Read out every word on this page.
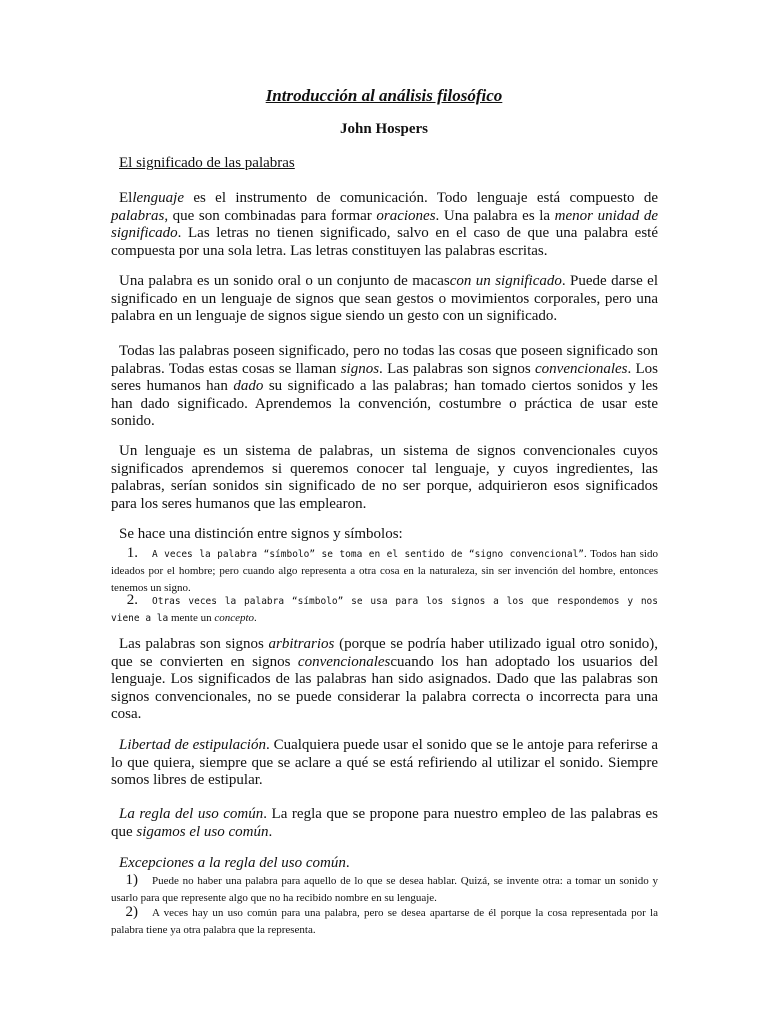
Introducción al análisis filosófico
John Hospers
El significado de las palabras

Ellenguaje es el instrumento de comunicación. Todo lenguaje está compuesto de palabras, que son combinadas para formar oraciones. Una palabra es la menor unidad de significado. Las letras no tienen significado, salvo en el caso de que una palabra esté compuesta por una sola letra. Las letras constituyen las palabras escritas.

Una palabra es un sonido oral o un conjunto de macascon un significado. Puede darse el significado en un lenguaje de signos que sean gestos o movimientos corporales, pero una palabra en un lenguaje de signos sigue siendo un gesto con un significado.

Todas las palabras poseen significado, pero no todas las cosas que poseen significado son palabras. Todas estas cosas se llaman signos. Las palabras son signos convencionales. Los seres humanos han dado su significado a las palabras; han tomado ciertos sonidos y les han dado significado. Aprendemos la convención, costumbre o práctica de usar este sonido.

Un lenguaje es un sistema de palabras, un sistema de signos convencionales cuyos significados aprendemos si queremos conocer tal lenguaje, y cuyos ingredientes, las palabras, serían sonidos sin significado de no ser porque, adquirieron esos significados para los seres humanos que las emplearon.

Se hace una distinción entre signos y símbolos:

1. A veces la palabra “símbolo” se toma en el sentido de “signo convencional”. Todos han sido ideados por el hombre; pero cuando algo representa a otra cosa en la naturaleza, sin ser invención del hombre, entonces tenemos un signo.

2. Otras veces la palabra “símbolo” se usa para los signos a los que respondemos y nos viene a la mente un concepto.

Las palabras son signos arbitrarios (porque se podría haber utilizado igual otro sonido), que se convierten en signos convencionalescuando los han adoptado los usuarios del lenguaje. Los significados de las palabras han sido asignados. Dado que las palabras son signos convencionales, no se puede considerar la palabra correcta o incorrecta para una cosa.

Libertad de estipulación. Cualquiera puede usar el sonido que se le antoje para referirse a lo que quiera, siempre que se aclare a qué se está refiriendo al utilizar el sonido. Siempre somos libres de estipular.

La regla del uso común. La regla que se propone para nuestro empleo de las palabras es que sigamos el uso común.

Excepciones a la regla del uso común.

1) Puede no haber una palabra para aquello de lo que se desea hablar. Quizá, se invente otra: a tomar un sonido y usarlo para que represente algo que no ha recibido nombre en su lenguaje.

2) A veces hay un uso común para una palabra, pero se desea apartarse de él porque la cosa representada por la palabra tiene ya otra palabra que la representa.
